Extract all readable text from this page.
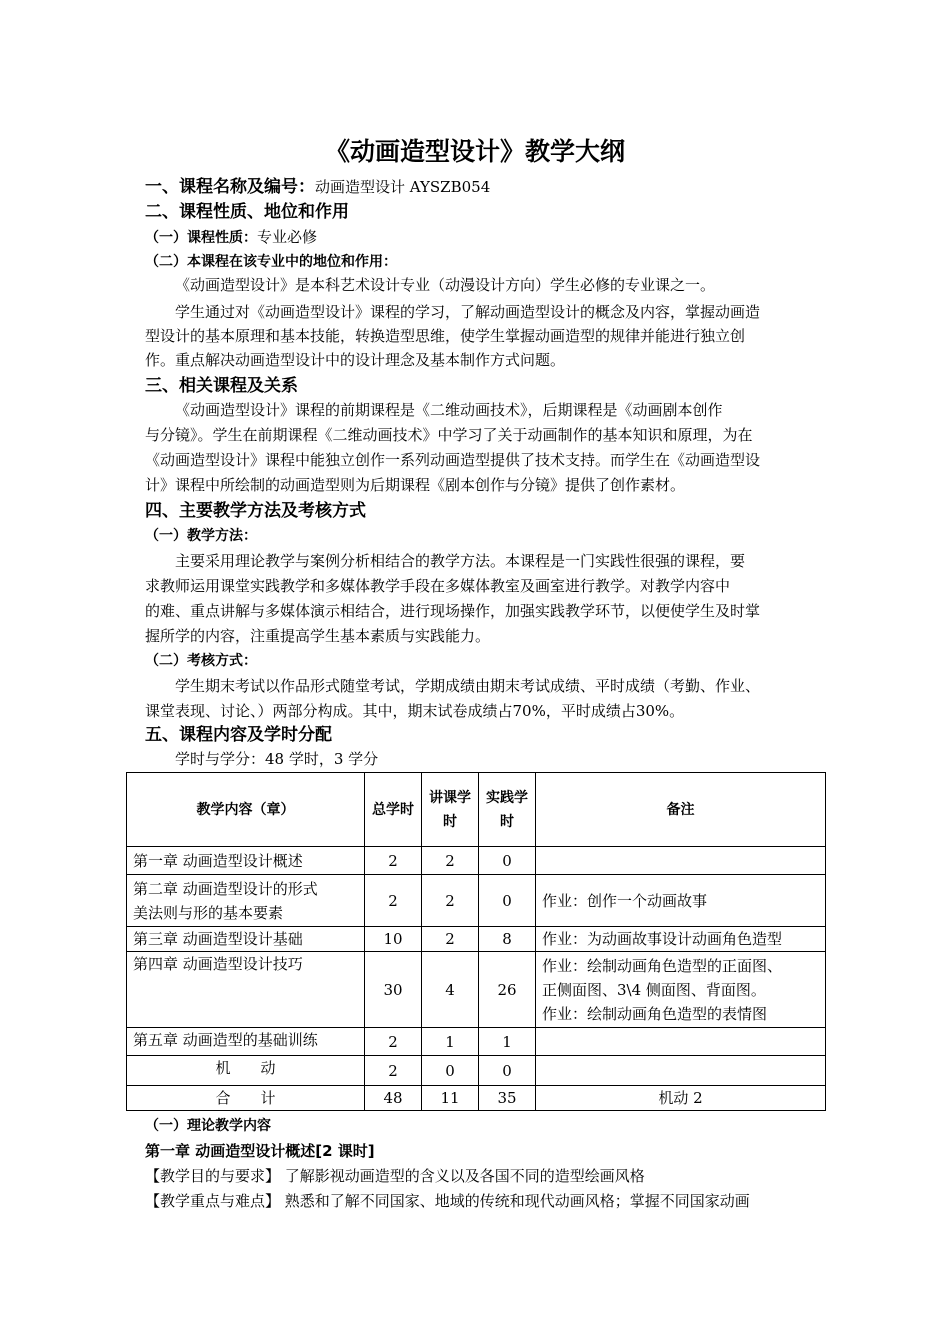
《动画造型设计》教学大纲
一、课程名称及编号：动画造型设计 AYSZB054
二、课程性质、地位和作用
（一）课程性质：专业必修
（二）本课程在该专业中的地位和作用：
《动画造型设计》是本科艺术设计专业（动漫设计方向）学生必修的专业课之一。
学生通过对《动画造型设计》课程的学习，了解动画造型设计的概念及内容，掌握动画造
型设计的基本原理和基本技能，转换造型思维，使学生掌握动画造型的规律并能进行独立创
作。重点解决动画造型设计中的设计理念及基本制作方式问题。
三、相关课程及关系
《动画造型设计》课程的前期课程是《二维动画技术》，后期课程是《动画剧本创作
与分镜》。学生在前期课程《二维动画技术》中学习了关于动画制作的基本知识和原理，为在
《动画造型设计》课程中能独立创作一系列动画造型提供了技术支持。而学生在《动画造型设
计》课程中所绘制的动画造型则为后期课程《剧本创作与分镜》提供了创作素材。
四、主要教学方法及考核方式
（一）教学方法：
主要采用理论教学与案例分析相结合的教学方法。本课程是一门实践性很强的课程，要
求教师运用课堂实践教学和多媒体教学手段在多媒体教室及画室进行教学。对教学内容中
的难、重点讲解与多媒体演示相结合，进行现场操作，加强实践教学环节，以便使学生及时掌
握所学的内容，注重提高学生基本素质与实践能力。
（二）考核方式：
学生期末考试以作品形式随堂考试，学期成绩由期末考试成绩、平时成绩（考勤、作业、
课堂表现、讨论、）两部分构成。其中，期末试卷成绩占70%，平时成绩占30%。
五、课程内容及学时分配
学时与学分：48 学时，3 学分
教学内容（章）	总学时	讲课学时	实践学时	备注
第一章 动画造型设计概述	2	2	0	

第二章 动画造型设计的形式
美法则与形的基本要素	2	2	0	作业：创作一个动画故事
第三章 动画造型设计基础	10	2	8	作业：为动画故事设计动画角色造型
第四章 动画造型设计技巧	30	4	26	作业：绘制动画角色造型的正面图、
正侧面图、3\4 侧面图、背面图。
作业：绘制动画角色造型的表情图

第五章 动画造型的基础训练	2	1	1	
机　　动	2	0	0	
合　　计	48	11	35	机动 2
（一）理论教学内容
第一章 动画造型设计概述[2 课时]
【教学目的与要求】 了解影视动画造型的含义以及各国不同的造型绘画风格
【教学重点与难点】 熟悉和了解不同国家、地域的传统和现代动画风格；掌握不同国家动画
